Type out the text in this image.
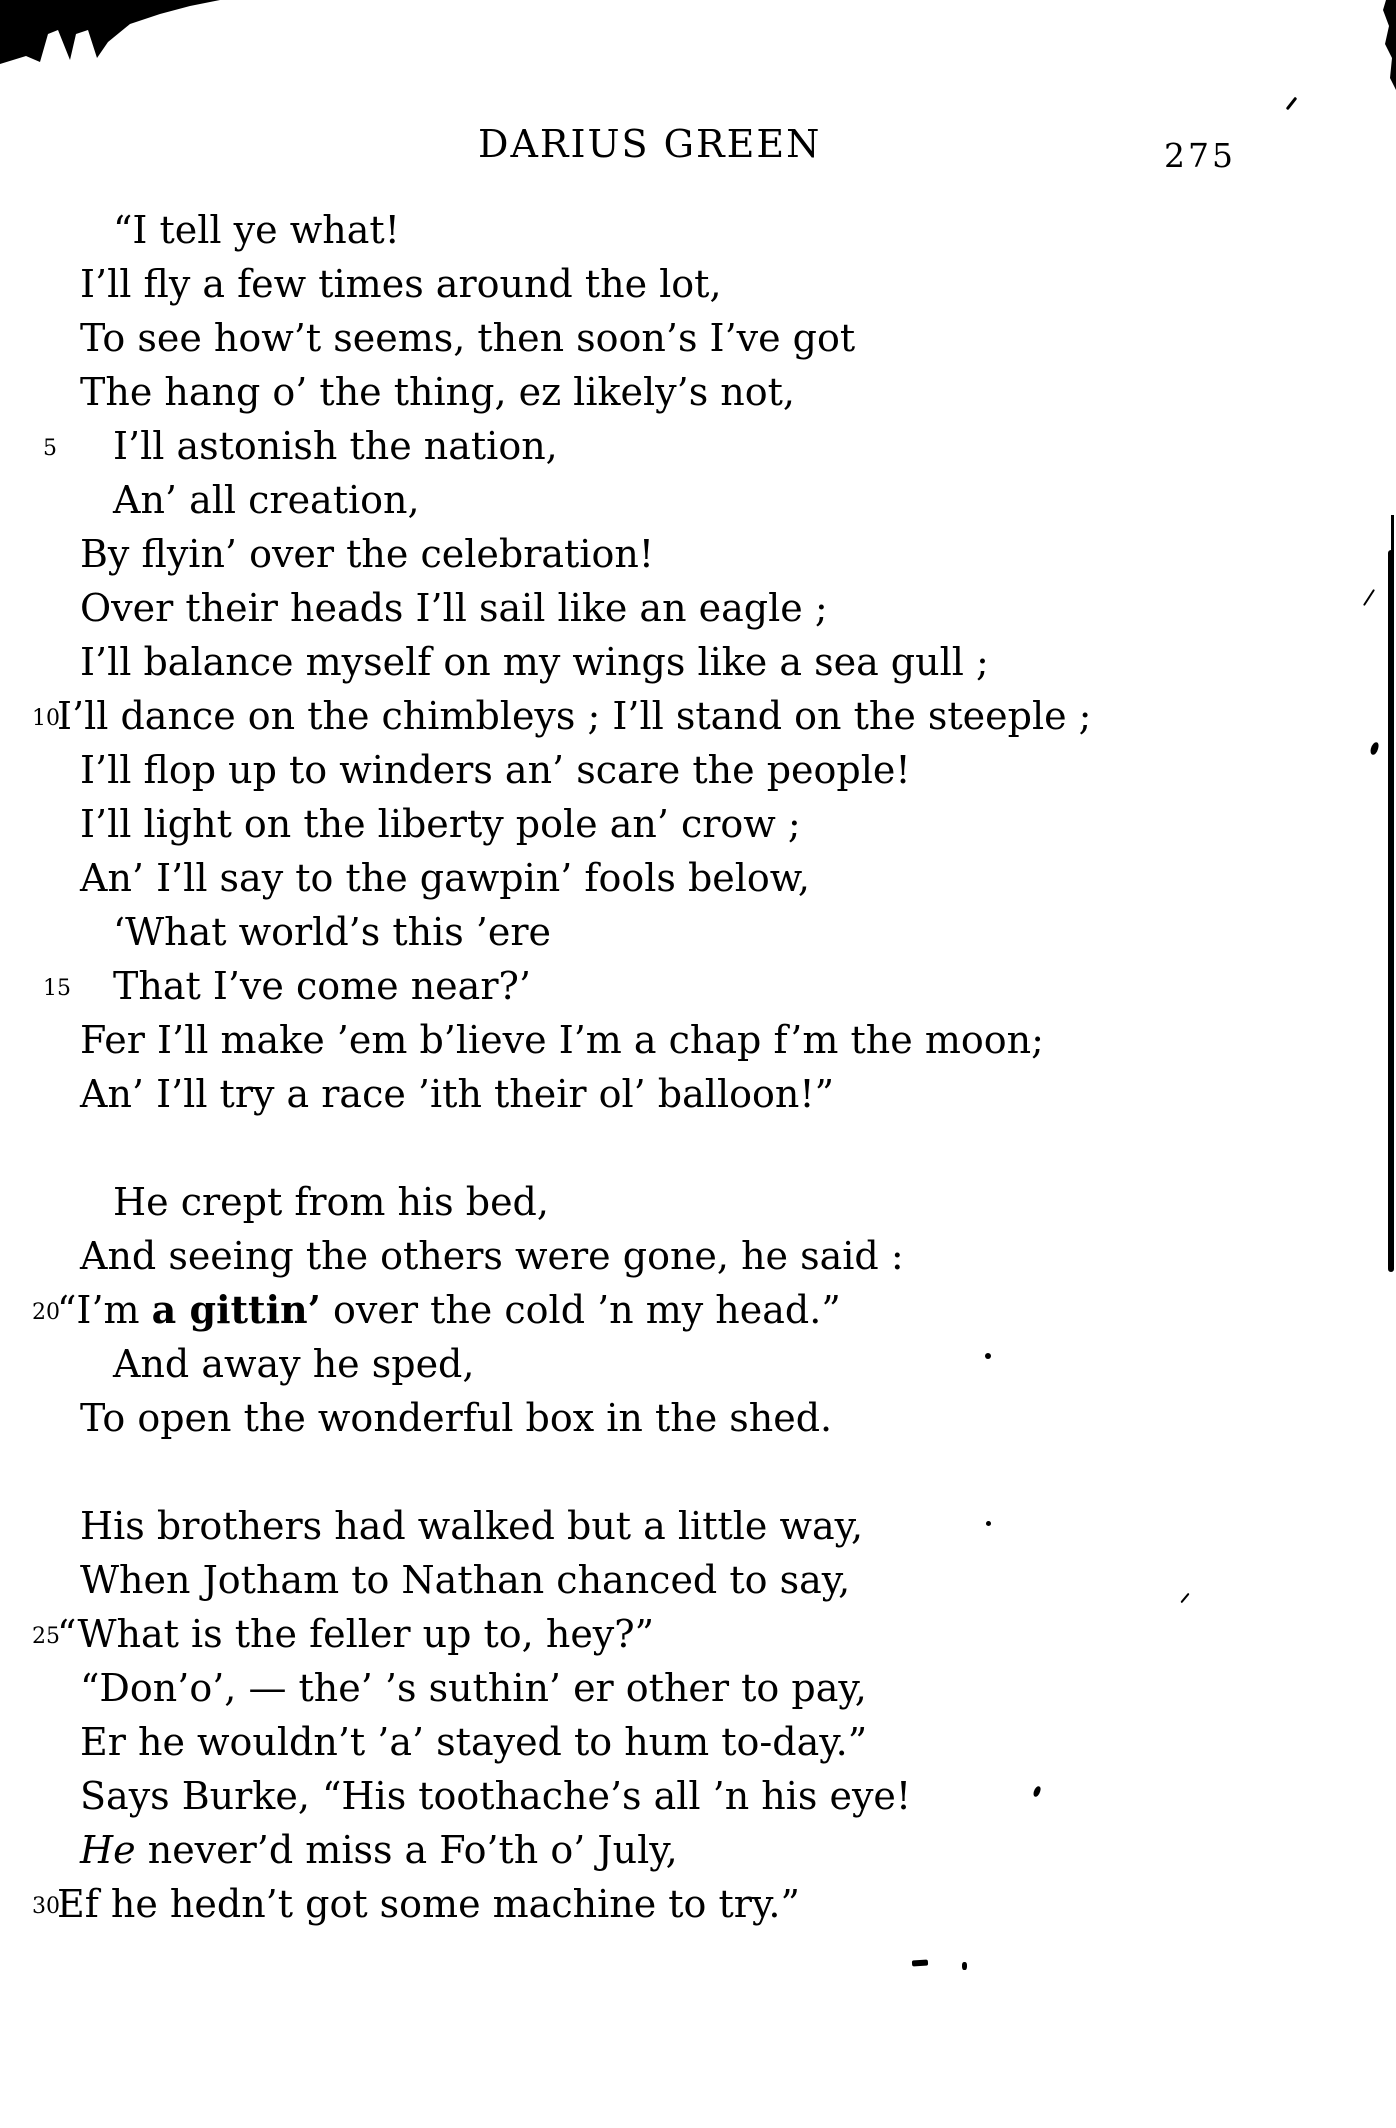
DARIUS GREEN	275
“I tell ye what!
I’ll fly a few times around the lot,
To see how’t seems, then soon’s I’ve got
The hang o’ the thing, ez likely’s not,
5 I’ll astonish the nation,
An’ all creation,
By flyin’ over the celebration!
Over their heads I’ll sail like an eagle ;
I’ll balance myself on my wings like a sea gull ;
10
I’ll dance on the chimbleys ; I’ll stand on the steeple ;
I’ll flop up to winders an’ scare the people!
I’ll light on the liberty pole an’ crow ;
An’ I’ll say to the gawpin’ fools below,
‘What world’s this ’ere
15 That I’ve come near?’
Fer I’ll make ’em b’lieve I’m a chap f’m the moon;
An’ I’ll try a race ’ith their ol’ balloon!”
He crept from his bed,
And seeing the others were gone, he said :
20
“I’m a gittin’ over the cold ’n my head.”
And away he sped,
To open the wonderful box in the shed.
His brothers had walked but a little way,
When Jotham to Nathan chanced to say,
25
“What is the feller up to, hey?”
“Don’o’, — the’ ’s suthin’ er other to pay,
Er he wouldn’t ’a’ stayed to hum to-day.”
Says Burke, “His toothache’s all ’n his eye!
He never’d miss a Fo’th o’ July,
30
Ef he hedn’t got some machine to try.”
